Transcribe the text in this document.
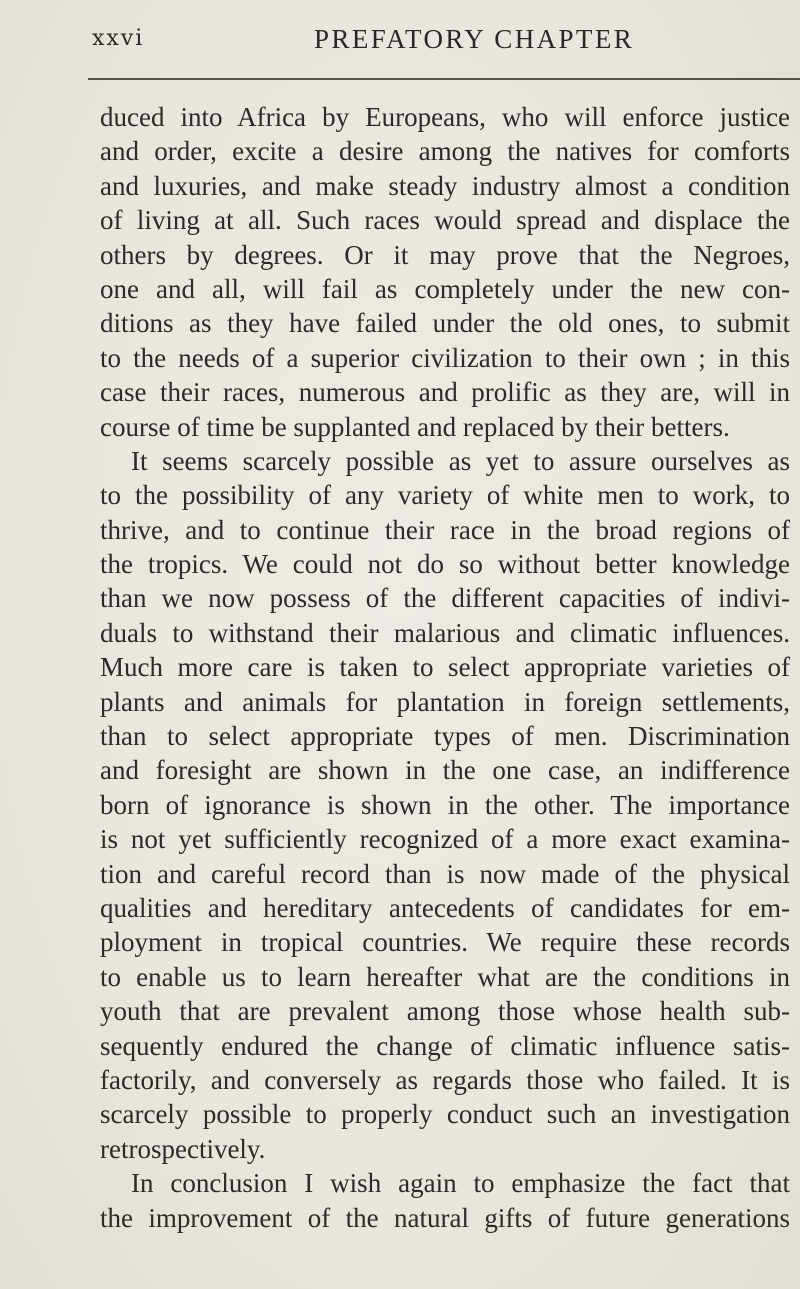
xxvi	PREFATORY CHAPTER
duced into Africa by Europeans, who will enforce justice
and order, excite a desire among the natives for comforts
and luxuries, and make steady industry almost a condition
of living at all. Such races would spread and displace the
others by degrees. Or it may prove that the Negroes,
one and all, will fail as completely under the new con-
ditions as they have failed under the old ones, to submit
to the needs of a superior civilization to their own ; in this
case their races, numerous and prolific as they are, will in
course of time be supplanted and replaced by their betters.
It seems scarcely possible as yet to assure ourselves as
to the possibility of any variety of white men to work, to
thrive, and to continue their race in the broad regions of
the tropics. We could not do so without better knowledge
than we now possess of the different capacities of indivi-
duals to withstand their malarious and climatic influences.
Much more care is taken to select appropriate varieties of
plants and animals for plantation in foreign settlements,
than to select appropriate types of men. Discrimination
and foresight are shown in the one case, an indifference
born of ignorance is shown in the other. The importance
is not yet sufficiently recognized of a more exact examina-
tion and careful record than is now made of the physical
qualities and hereditary antecedents of candidates for em-
ployment in tropical countries. We require these records
to enable us to learn hereafter what are the conditions in
youth that are prevalent among those whose health sub-
sequently endured the change of climatic influence satis-
factorily, and conversely as regards those who failed. It is
scarcely possible to properly conduct such an investigation
retrospectively.
In conclusion I wish again to emphasize the fact that
the improvement of the natural gifts of future generations
